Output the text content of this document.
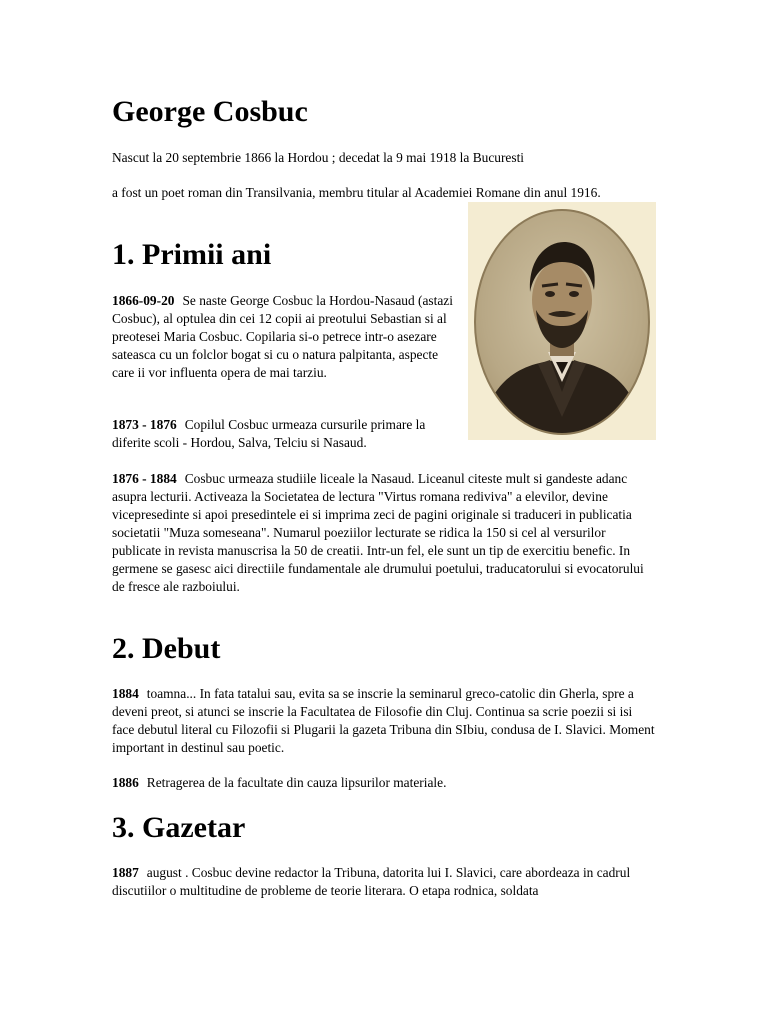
George Cosbuc

Nascut la 20 septembrie 1866 la Hordou ; decedat la 9 mai 1918 la Bucuresti

a fost un poet roman din Transilvania, membru titular al Academiei Romane din anul 1916.

1. Primii ani

1866-09-20 Se naste George Cosbuc la Hordou-Nasaud (astazi Cosbuc), al optulea din cei 12 copii ai preotului Sebastian si al preotesei Maria Cosbuc. Copilaria si-o petrece intr-o asezare sateasca cu un folclor bogat si cu o natura palpitanta, aspecte care ii vor influenta opera de mai tarziu.

1873 - 1876 Copilul Cosbuc urmeaza cursurile primare la diferite scoli - Hordou, Salva, Telciu si Nasaud.

1876 - 1884 Cosbuc urmeaza studiile liceale la Nasaud. Liceanul citeste mult si gandeste adanc asupra lecturii. Activeaza la Societatea de lectura "Virtus romana rediviva" a elevilor, devine vicepresedinte si apoi presedintele ei si imprima zeci de pagini originale si traduceri in publicatia societatii "Muza someseana". Numarul poeziilor lecturate se ridica la 150 si cel al versurilor publicate in revista manuscrisa la 50 de creatii. Intr-un fel, ele sunt un tip de exercitiu benefic. In germene se gasesc aici directiile fundamentale ale drumului poetului, traducatorului si evocatorului de fresce ale razboiului.

2. Debut

1884 toamna... In fata tatalui sau, evita sa se inscrie la seminarul greco-catolic din Gherla, spre a deveni preot, si atunci se inscrie la Facultatea de Filosofie din Cluj. Continua sa scrie poezii si isi face debutul literal cu Filozofii si Plugarii la gazeta Tribuna din SIbiu, condusa de I. Slavici. Moment important in destinul sau poetic.

1886 Retragerea de la facultate din cauza lipsurilor materiale.

3. Gazetar

1887 august . Cosbuc devine redactor la Tribuna, datorita lui I. Slavici, care abordeaza in cadrul discutiilor o multitudine de probleme de teorie literara. O etapa rodnica, soldata
